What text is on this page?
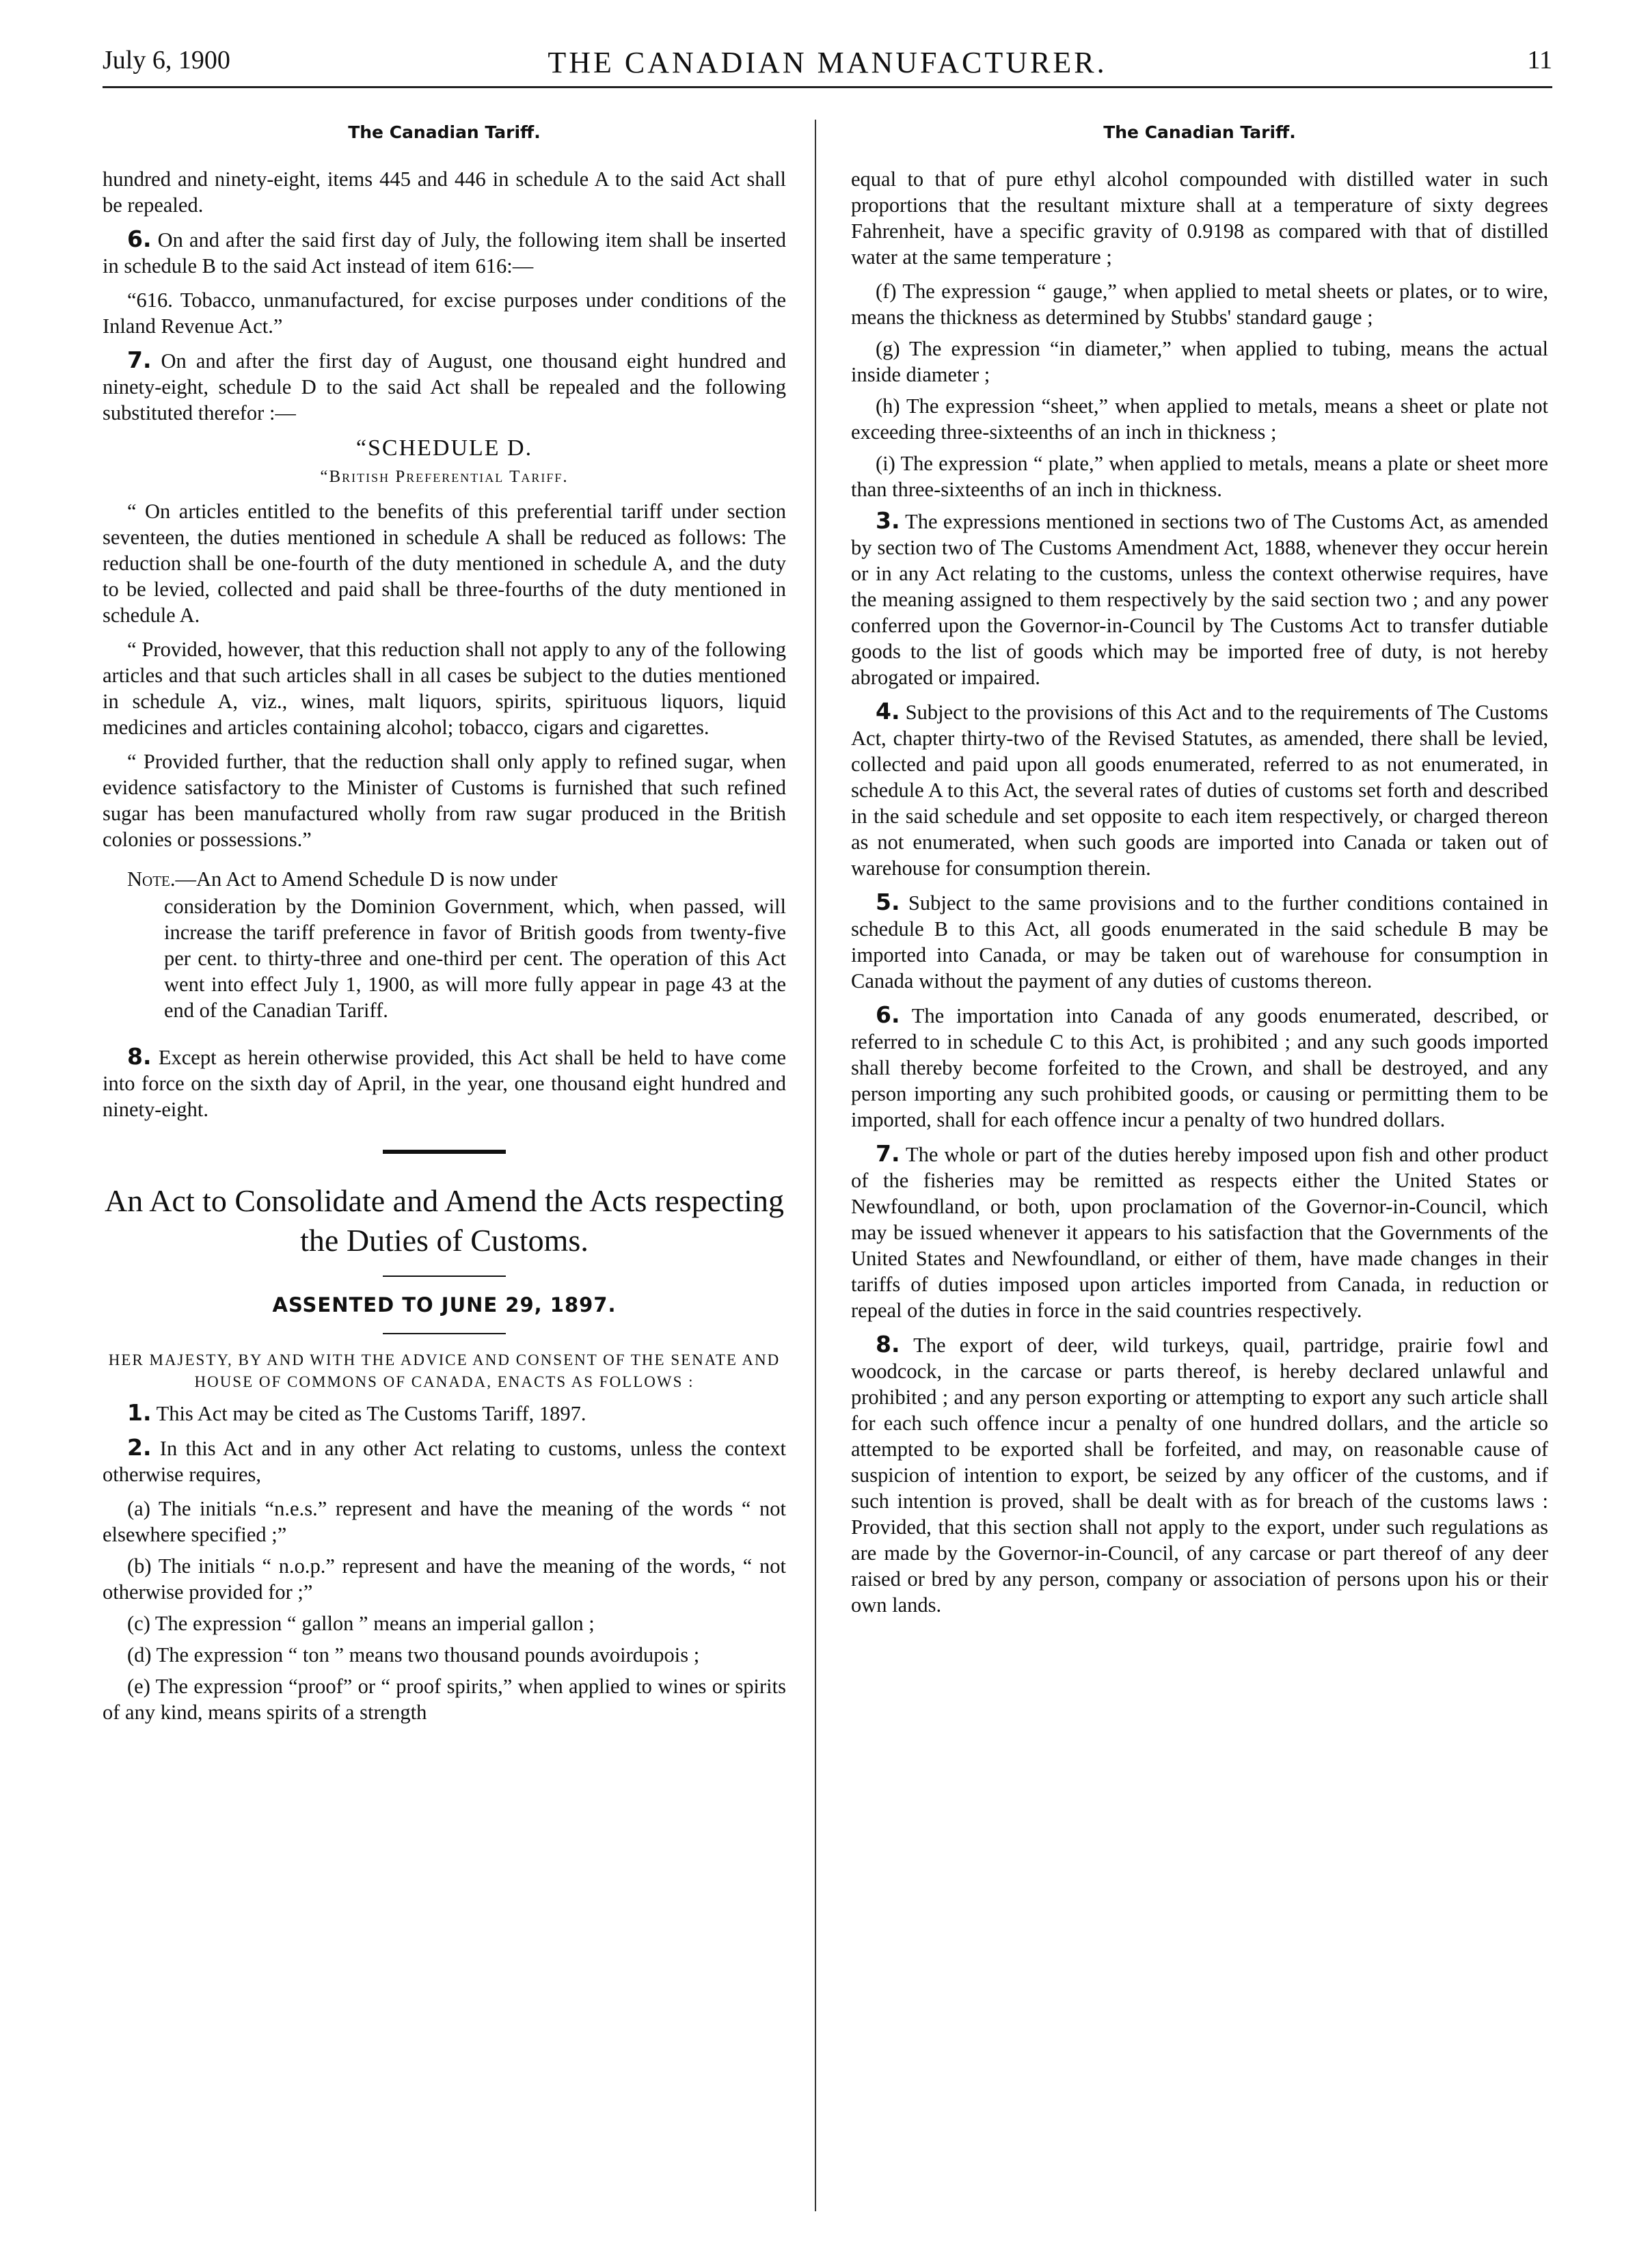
July 6, 1900	THE CANADIAN MANUFACTURER.	11
The Canadian Tariff.

hundred and ninety-eight, items 445 and 446 in schedule A to the said Act shall be repealed.

6. On and after the said first day of July, the following item shall be inserted in schedule B to the said Act instead of item 616:—

“616. Tobacco, unmanufactured, for excise purposes under conditions of the Inland Revenue Act.”

7. On and after the first day of August, one thousand eight hundred and ninety-eight, schedule D to the said Act shall be repealed and the following substituted therefor :—

“SCHEDULE D.
“British Preferential Tariff.

“ On articles entitled to the benefits of this preferential tariff under section seventeen, the duties mentioned in schedule A shall be reduced as follows: The reduction shall be one-fourth of the duty mentioned in schedule A, and the duty to be levied, collected and paid shall be three-fourths of the duty mentioned in schedule A.

“ Provided, however, that this reduction shall not apply to any of the following articles and that such articles shall in all cases be subject to the duties mentioned in schedule A, viz., wines, malt liquors, spirits, spirituous liquors, liquid medicines and articles containing alcohol; tobacco, cigars and cigarettes.

“ Provided further, that the reduction shall only apply to refined sugar, when evidence satisfactory to the Minister of Customs is furnished that such refined sugar has been manufactured wholly from raw sugar produced in the British colonies or possessions.”

Note.—An Act to Amend Schedule D is now under
consideration by the Dominion Government, which, when passed, will increase the tariff preference in favor of British goods from twenty-five per cent. to thirty-three and one-third per cent. The operation of this Act went into effect July 1, 1900, as will more fully appear in page 43 at the end of the Canadian Tariff.

8. Except as herein otherwise provided, this Act shall be held to have come into force on the sixth day of April, in the year, one thousand eight hundred and ninety-eight.

An Act to Consolidate and Amend the Acts respecting the Duties of Customs.
ASSENTED TO JUNE 29, 1897.
HER MAJESTY, BY AND WITH THE ADVICE AND CONSENT OF THE SENATE AND HOUSE OF COMMONS OF CANADA, ENACTS AS FOLLOWS :

1. This Act may be cited as The Customs Tariff, 1897.

2. In this Act and in any other Act relating to customs, unless the context otherwise requires,

(a) The initials “n.e.s.” represent and have the meaning of the words “ not elsewhere specified ;”

(b) The initials “ n.o.p.” represent and have the meaning of the words, “ not otherwise provided for ;”

(c) The expression “ gallon ” means an imperial gallon ;

(d) The expression “ ton ” means two thousand pounds avoirdupois ;

(e) The expression “proof” or “ proof spirits,” when applied to wines or spirits of any kind, means spirits of a strength

The Canadian Tariff.

equal to that of pure ethyl alcohol compounded with distilled water in such proportions that the resultant mixture shall at a temperature of sixty degrees Fahrenheit, have a specific gravity of 0.9198 as compared with that of distilled water at the same temperature ;

(f) The expression “ gauge,” when applied to metal sheets or plates, or to wire, means the thickness as determined by Stubbs' standard gauge ;

(g) The expression “in diameter,” when applied to tubing, means the actual inside diameter ;

(h) The expression “sheet,” when applied to metals, means a sheet or plate not exceeding three-sixteenths of an inch in thickness ;

(i) The expression “ plate,” when applied to metals, means a plate or sheet more than three-sixteenths of an inch in thickness.

3. The expressions mentioned in sections two of The Customs Act, as amended by section two of The Customs Amendment Act, 1888, whenever they occur herein or in any Act relating to the customs, unless the context otherwise requires, have the meaning assigned to them respectively by the said section two ; and any power conferred upon the Governor-in-Council by The Customs Act to transfer dutiable goods to the list of goods which may be imported free of duty, is not hereby abrogated or impaired.

4. Subject to the provisions of this Act and to the requirements of The Customs Act, chapter thirty-two of the Revised Statutes, as amended, there shall be levied, collected and paid upon all goods enumerated, referred to as not enumerated, in schedule A to this Act, the several rates of duties of customs set forth and described in the said schedule and set opposite to each item respectively, or charged thereon as not enumerated, when such goods are imported into Canada or taken out of warehouse for consumption therein.

5. Subject to the same provisions and to the further conditions contained in schedule B to this Act, all goods enumerated in the said schedule B may be imported into Canada, or may be taken out of warehouse for consumption in Canada without the payment of any duties of customs thereon.

6. The importation into Canada of any goods enumerated, described, or referred to in schedule C to this Act, is prohibited ; and any such goods imported shall thereby become forfeited to the Crown, and shall be destroyed, and any person importing any such prohibited goods, or causing or permitting them to be imported, shall for each offence incur a penalty of two hundred dollars.

7. The whole or part of the duties hereby imposed upon fish and other product of the fisheries may be remitted as respects either the United States or Newfoundland, or both, upon proclamation of the Governor-in-Council, which may be issued whenever it appears to his satisfaction that the Governments of the United States and Newfoundland, or either of them, have made changes in their tariffs of duties imposed upon articles imported from Canada, in reduction or repeal of the duties in force in the said countries respectively.

8. The export of deer, wild turkeys, quail, partridge, prairie fowl and woodcock, in the carcase or parts thereof, is hereby declared unlawful and prohibited ; and any person exporting or attempting to export any such article shall for each such offence incur a penalty of one hundred dollars, and the article so attempted to be exported shall be forfeited, and may, on reasonable cause of suspicion of intention to export, be seized by any officer of the customs, and if such intention is proved, shall be dealt with as for breach of the customs laws : Provided, that this section shall not apply to the export, under such regulations as are made by the Governor-in-Council, of any carcase or part thereof of any deer raised or bred by any person, company or association of persons upon his or their own lands.
